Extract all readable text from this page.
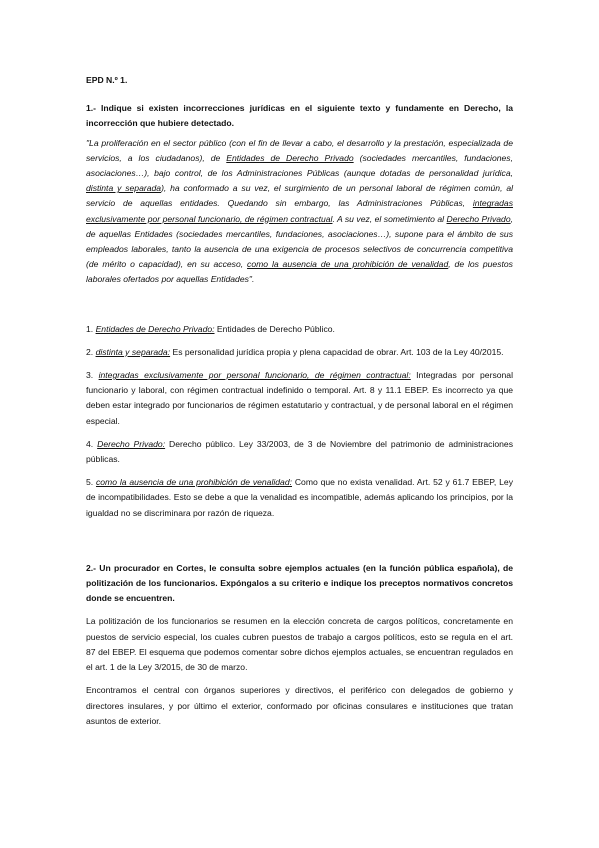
EPD N.º 1.

1.- Indique si existen incorrecciones jurídicas en el siguiente texto y fundamente en Derecho, la incorrección que hubiere detectado.

"La proliferación en el sector público (con el fin de llevar a cabo, el desarrollo y la prestación, especializada de servicios, a los ciudadanos), de Entidades de Derecho Privado (sociedades mercantiles, fundaciones, asociaciones…), bajo control, de los Administraciones Públicas (aunque dotadas de personalidad jurídica, distinta y separada), ha conformado a su vez, el surgimiento de un personal laboral de régimen común, al servicio de aquellas entidades. Quedando sin embargo, las Administraciones Públicas, integradas exclusivamente por personal funcionario, de régimen contractual. A su vez, el sometimiento al Derecho Privado, de aquellas Entidades (sociedades mercantiles, fundaciones, asociaciones…), supone para el ámbito de sus empleados laborales, tanto la ausencia de una exigencia de procesos selectivos de concurrencia competitiva (de mérito o capacidad), en su acceso, como la ausencia de una prohibición de venalidad, de los puestos laborales ofertados por aquellas Entidades".

1. Entidades de Derecho Privado: Entidades de Derecho Público.

2. distinta y separada: Es personalidad jurídica propia y plena capacidad de obrar. Art. 103 de la Ley 40/2015.

3. integradas exclusivamente por personal funcionario, de régimen contractual: Integradas por personal funcionario y laboral, con régimen contractual indefinido o temporal. Art. 8 y 11.1 EBEP. Es incorrecto ya que deben estar integrado por funcionarios de régimen estatutario y contractual, y de personal laboral en el régimen especial.

4. Derecho Privado: Derecho público. Ley 33/2003, de 3 de Noviembre del patrimonio de administraciones públicas.

5. como la ausencia de una prohibición de venalidad: Como que no exista venalidad. Art. 52 y 61.7 EBEP, Ley de incompatibilidades. Esto se debe a que la venalidad es incompatible, además aplicando los principios, por la igualdad no se discriminara por razón de riqueza.

2.- Un procurador en Cortes, le consulta sobre ejemplos actuales (en la función pública española), de politización de los funcionarios. Expóngalos a su criterio e indique los preceptos normativos concretos donde se encuentren.

La politización de los funcionarios se resumen en la elección concreta de cargos políticos, concretamente en puestos de servicio especial, los cuales cubren puestos de trabajo a cargos políticos, esto se regula en el art. 87 del EBEP. El esquema que podemos comentar sobre dichos ejemplos actuales, se encuentran regulados en el art. 1 de la Ley 3/2015, de 30 de marzo.

Encontramos el central con órganos superiores y directivos, el periférico con delegados de gobierno y directores insulares, y por último el exterior, conformado por oficinas consulares e instituciones que tratan asuntos de exterior.
